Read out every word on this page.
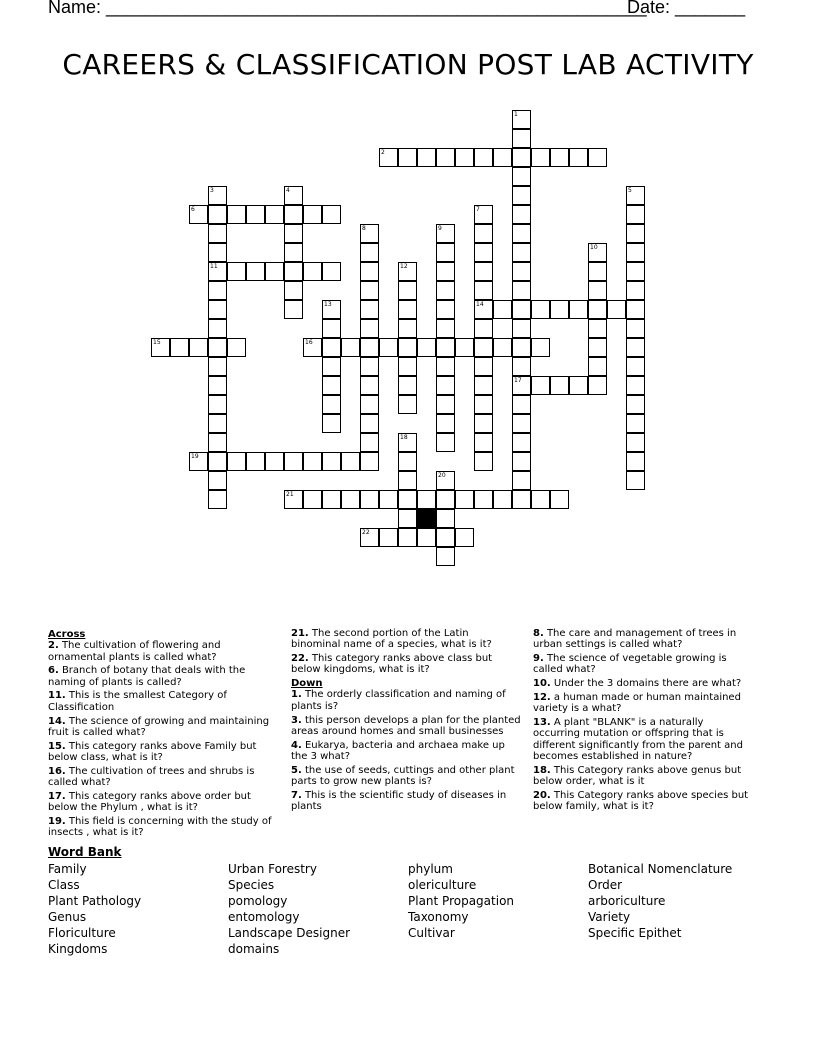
Name: ______________________________________________________
Date: _______
CAREERS & CLASSIFICATION POST LAB ACTIVITY
1
2
3	4	5
6	7
8	9
10
11	12
13	14
15	16
17
18
19
20
21
22
Across
2. The cultivation of flowering and ornamental plants is called what?
6. Branch of botany that deals with the naming of plants is called?
11. This is the smallest Category of Classification
14. The science of growing and maintaining fruit is called what?
15. This category ranks above Family but below class, what is it?
16. The cultivation of trees and shrubs is called what?
17. This category ranks above order but below the Phylum , what is it?
19. This field is concerning with the study of insects , what is it?
21. The second portion of the Latin binominal name of a species, what is it?
22. This category ranks above class but below kingdoms, what is it?
Down
1. The orderly classification and naming of plants is?
3. this person develops a plan for the planted areas around homes and small businesses
4. Eukarya, bacteria and archaea make up the 3 what?
5. the use of seeds, cuttings and other plant parts to grow new plants is?
7. This is the scientific study of diseases in plants
8. The care and management of trees in urban settings is called what?
9. The science of vegetable growing is called what?
10. Under the 3 domains there are what?
12. a human made or human maintained variety is a what?
13. A plant "BLANK" is a naturally occurring mutation or offspring that is different significantly from the parent and becomes established in nature?
18. This Category ranks above genus but below order, what is it
20. This Category ranks above species but below family, what is it?
Word Bank
Family
Class
Plant Pathology
Genus
Floriculture
Kingdoms
Urban Forestry
Species
pomology
entomology
Landscape Designer
domains
phylum
olericulture
Plant Propagation
Taxonomy
Cultivar
Botanical Nomenclature
Order
arboriculture
Variety
Specific Epithet
